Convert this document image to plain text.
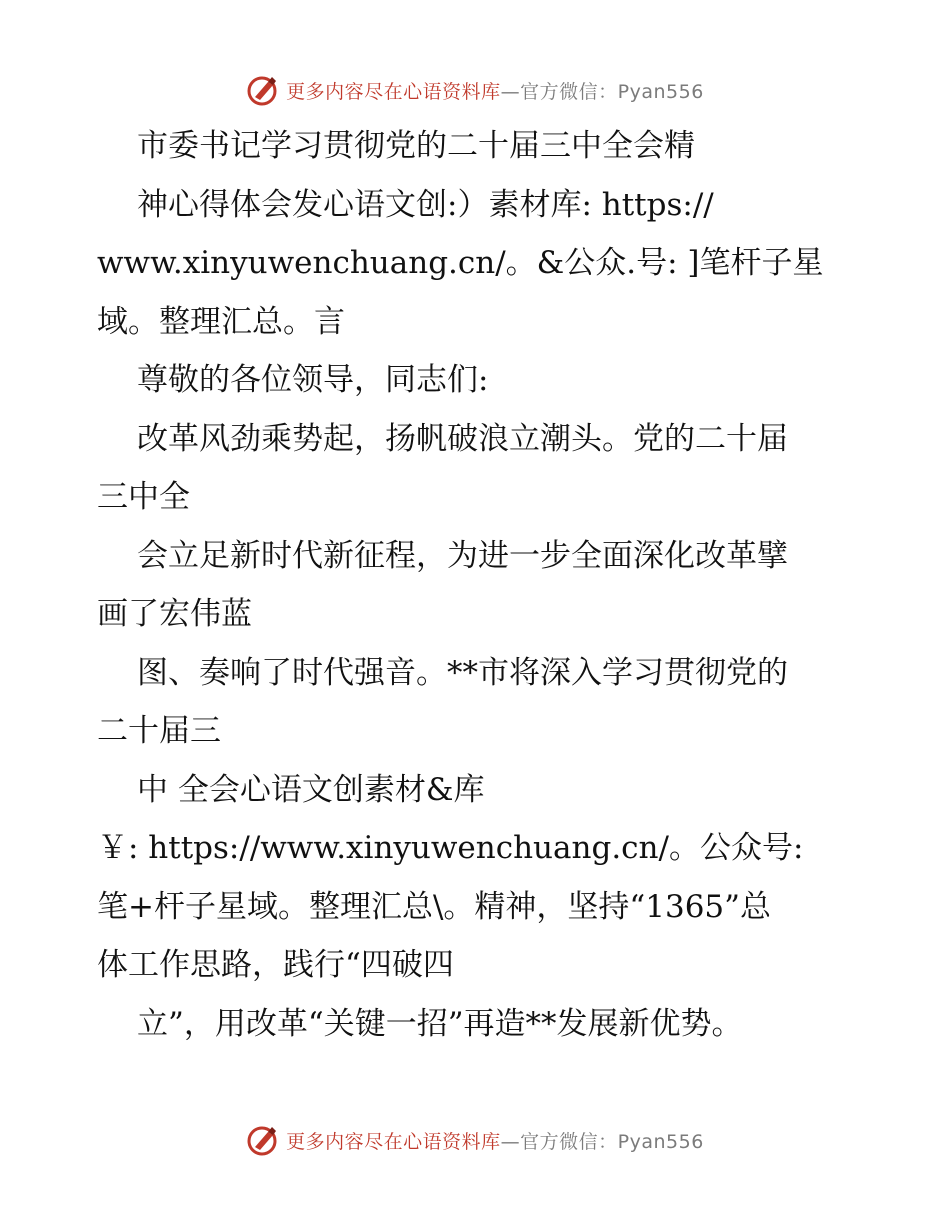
更多内容尽在心语资料库—官方微信：Pyan556

市委书记学习贯彻党的二十届三中全会精

神心得体会发心语文创:）素材库: https://

www.xinyuwenchuang.cn/。&公众.号: ]笔杆子星

域。整理汇总。言

尊敬的各位领导，同志们:

改革风劲乘势起，扬帆破浪立潮头。党的二十届

三中全

会立足新时代新征程，为进一步全面深化改革擘

画了宏伟蓝

图、奏响了时代强音。**市将深入学习贯彻党的

二十届三

中 全会心语文创素材&库

￥: https://www.xinyuwenchuang.cn/。公众号:

笔+杆子星域。整理汇总\。精神，坚持“1365”总

体工作思路，践行“四破四

立”，用改革“关键一招”再造**发展新优势。

更多内容尽在心语资料库—官方微信：Pyan556
